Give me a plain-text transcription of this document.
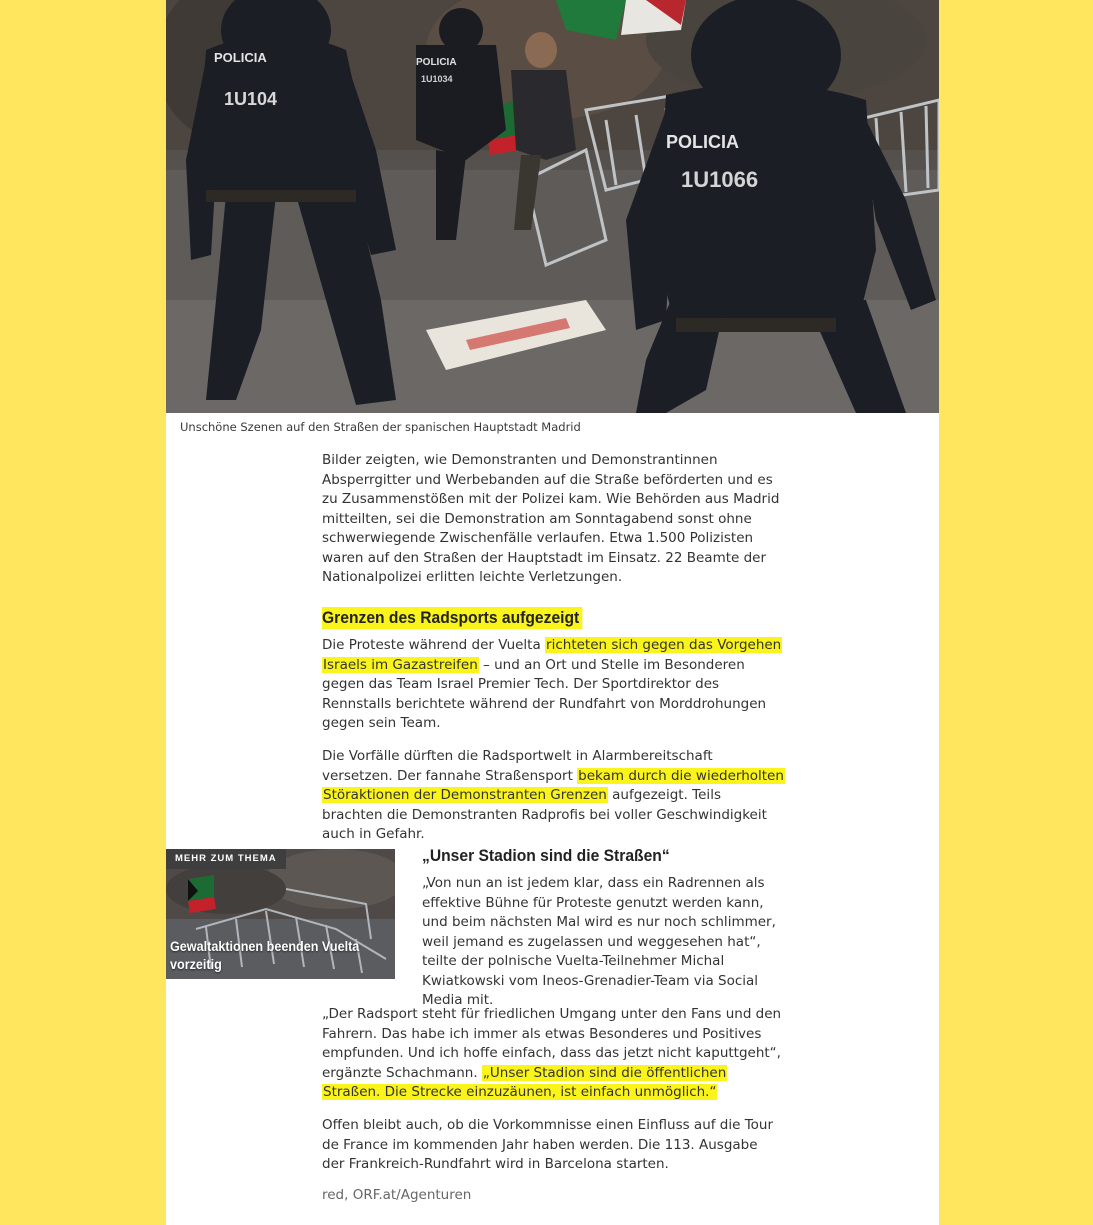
POLICIA
1U104
POLICIA
1U1034
POLICIA
1U1066
Unschöne Szenen auf den Straßen der spanischen Hauptstadt Madrid

Bilder zeigten, wie Demonstranten und Demonstrantinnen Absperrgitter und Werbebanden auf die Straße beförderten und es zu Zusammenstößen mit der Polizei kam. Wie Behörden aus Madrid mitteilten, sei die Demonstration am Sonntagabend sonst ohne schwerwiegende Zwischenfälle verlaufen. Etwa 1.500 Polizisten waren auf den Straßen der Hauptstadt im Einsatz. 22 Beamte der Nationalpolizei erlitten leichte Verletzungen.

Grenzen des Radsports aufgezeigt

Die Proteste während der Vuelta richteten sich gegen das Vorgehen Israels im Gazastreifen – und an Ort und Stelle im Besonderen gegen das Team Israel Premier Tech. Der Sportdirektor des Rennstalls berichtete während der Rundfahrt von Morddrohungen gegen sein Team.

Die Vorfälle dürften die Radsportwelt in Alarmbereitschaft versetzen. Der fannahe Straßensport bekam durch die wiederholten Störaktionen der Demonstranten Grenzen aufgezeigt. Teils brachten die Demonstranten Radprofis bei voller Geschwindigkeit auch in Gefahr.

MEHR ZUM THEMA
Gewaltaktionen beenden Vuelta vorzeitig
„Unser Stadion sind die Straßen“

„Von nun an ist jedem klar, dass ein Radrennen als effektive Bühne für Proteste genutzt werden kann, und beim nächsten Mal wird es nur noch schlimmer, weil jemand es zugelassen und weggesehen hat“, teilte der polnische Vuelta-Teilnehmer Michal Kwiatkowski vom Ineos-Grenadier-Team via Social Media mit.

„Der Radsport steht für friedlichen Umgang unter den Fans und den Fahrern. Das habe ich immer als etwas Besonderes und Positives empfunden. Und ich hoffe einfach, dass das jetzt nicht kaputtgeht“, ergänzte Schachmann. „Unser Stadion sind die öffentlichen Straßen. Die Strecke einzuzäunen, ist einfach unmöglich.“

Offen bleibt auch, ob die Vorkommnisse einen Einfluss auf die Tour de France im kommenden Jahr haben werden. Die 113. Ausgabe der Frankreich-Rundfahrt wird in Barcelona starten.

red, ORF.at/Agenturen
